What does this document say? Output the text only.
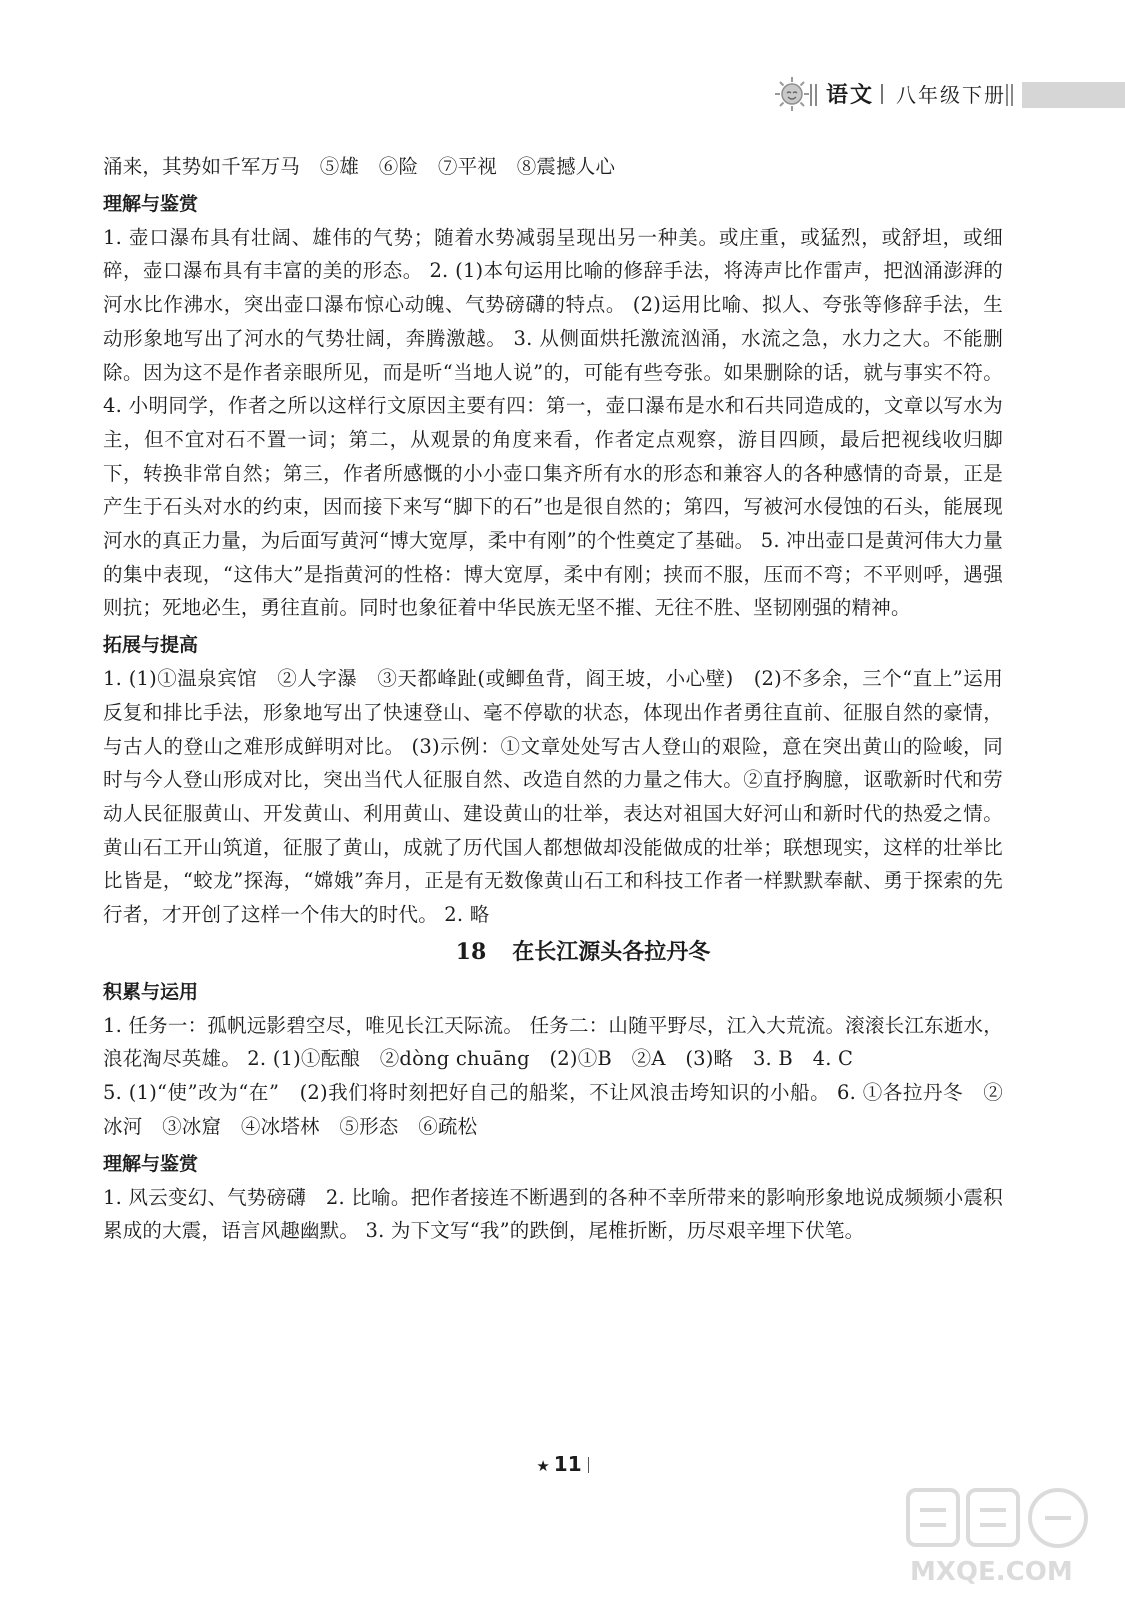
语文 八年级下册

涌来，其势如千军万马　⑤雄　⑥险　⑦平视　⑧震撼人心

理解与鉴赏

1. 壶口瀑布具有壮阔、雄伟的气势；随着水势减弱呈现出另一种美。或庄重，或猛烈，或舒坦，或细碎，壶口瀑布具有丰富的美的形态。 2. (1)本句运用比喻的修辞手法，将涛声比作雷声，把汹涌澎湃的河水比作沸水，突出壶口瀑布惊心动魄、气势磅礴的特点。 (2)运用比喻、拟人、夸张等修辞手法，生动形象地写出了河水的气势壮阔，奔腾激越。 3. 从侧面烘托激流汹涌，水流之急，水力之大。不能删除。因为这不是作者亲眼所见，而是听“当地人说”的，可能有些夸张。如果删除的话，就与事实不符。 4. 小明同学，作者之所以这样行文原因主要有四：第一，壶口瀑布是水和石共同造成的，文章以写水为主，但不宜对石不置一词；第二，从观景的角度来看，作者定点观察，游目四顾，最后把视线收归脚下，转换非常自然；第三，作者所感慨的小小壶口集齐所有水的形态和兼容人的各种感情的奇景，正是产生于石头对水的约束，因而接下来写“脚下的石”也是很自然的；第四，写被河水侵蚀的石头，能展现河水的真正力量，为后面写黄河“博大宽厚，柔中有刚”的个性奠定了基础。 5. 冲出壶口是黄河伟大力量的集中表现，“这伟大”是指黄河的性格：博大宽厚，柔中有刚；挟而不服，压而不弯；不平则呼，遇强则抗；死地必生，勇往直前。同时也象征着中华民族无坚不摧、无往不胜、坚韧刚强的精神。

拓展与提高

1. (1)①温泉宾馆　②人字瀑　③天都峰趾(或鲫鱼背，阎王坡，小心壁)　(2)不多余，三个“直上”运用反复和排比手法，形象地写出了快速登山、毫不停歇的状态，体现出作者勇往直前、征服自然的豪情，与古人的登山之难形成鲜明对比。 (3)示例：①文章处处写古人登山的艰险，意在突出黄山的险峻，同时与今人登山形成对比，突出当代人征服自然、改造自然的力量之伟大。②直抒胸臆，讴歌新时代和劳动人民征服黄山、开发黄山、利用黄山、建设黄山的壮举，表达对祖国大好河山和新时代的热爱之情。黄山石工开山筑道，征服了黄山，成就了历代国人都想做却没能做成的壮举；联想现实，这样的壮举比比皆是，“蛟龙”探海，“嫦娥”奔月，正是有无数像黄山石工和科技工作者一样默默奉献、勇于探索的先行者，才开创了这样一个伟大的时代。 2. 略

18 在长江源头各拉丹冬
积累与运用

1. 任务一：孤帆远影碧空尽，唯见长江天际流。 任务二：山随平野尽，江入大荒流。滚滚长江东逝水，浪花淘尽英雄。 2. (1)①酝酿　②dòng chuāng　(2)①B　②A　(3)略　3. B　4. C

5. (1)“使”改为“在”　(2)我们将时刻把好自己的船桨，不让风浪击垮知识的小船。 6. ①各拉丹冬　②冰河　③冰窟　④冰塔林　⑤形态　⑥疏松

理解与鉴赏

1. 风云变幻、气势磅礴　2. 比喻。把作者接连不断遇到的各种不幸所带来的影响形象地说成频频小震积累成的大震，语言风趣幽默。 3. 为下文写“我”的跌倒，尾椎折断，历尽艰辛埋下伏笔。

★ 11
MXQE.COM
